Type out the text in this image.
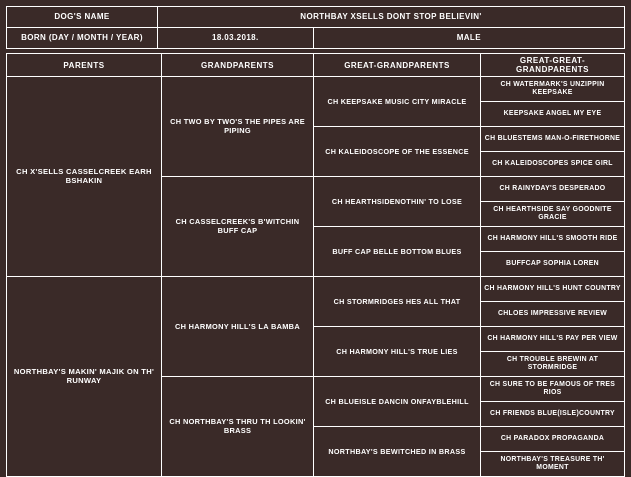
DOG'S NAME	NORTHBAY XSELLS DONT STOP BELIEVIN'	
BORN (DAY / MONTH / YEAR)	18.03.2018.	MALE
PARENTS	GRANDPARENTS	GREAT-GRANDPARENTS	GREAT-GREAT-GRANDPARENTS
CH X'SELLS CASSELCREEK EARH BSHAKIN	CH TWO BY TWO'S THE PIPES ARE PIPING	CH KEEPSAKE MUSIC CITY MIRACLE	CH WATERMARK'S UNZIPPIN KEEPSAKE
			KEEPSAKE ANGEL MY EYE
		CH KALEIDOSCOPE OF THE ESSENCE	CH BLUESTEMS MAN-O-FIRETHORNE
			CH KALEIDOSCOPES SPICE GIRL
	CH CASSELCREEK'S B'WITCHIN BUFF CAP	CH HEARTHSIDENOTHIN' TO LOSE	CH RAINYDAY'S DESPERADO
			CH HEARTHSIDE SAY GOODNITE GRACIE
		BUFF CAP BELLE BOTTOM BLUES	CH HARMONY HILL'S SMOOTH RIDE
			BUFFCAP SOPHIA LOREN
NORTHBAY'S MAKIN' MAJIK ON TH' RUNWAY	CH HARMONY HILL'S LA BAMBA	CH STORMRIDGES HES ALL THAT	CH HARMONY HILL'S HUNT COUNTRY
			CHLOES IMPRESSIVE REVIEW
		CH HARMONY HILL'S TRUE LIES	CH HARMONY HILL'S PAY PER VIEW
			CH TROUBLE BREWIN AT STORMRIDGE
	CH NORTHBAY'S THRU TH LOOKIN' BRASS	CH BLUEISLE DANCIN ONFAYBLEHILL	CH SURE TO BE FAMOUS OF TRES RIOS
			CH FRIENDS BLUE(ISLE)COUNTRY
		NORTHBAY'S BEWITCHED IN BRASS	CH PARADOX PROPAGANDA
			NORTHBAY'S TREASURE TH' MOMENT
